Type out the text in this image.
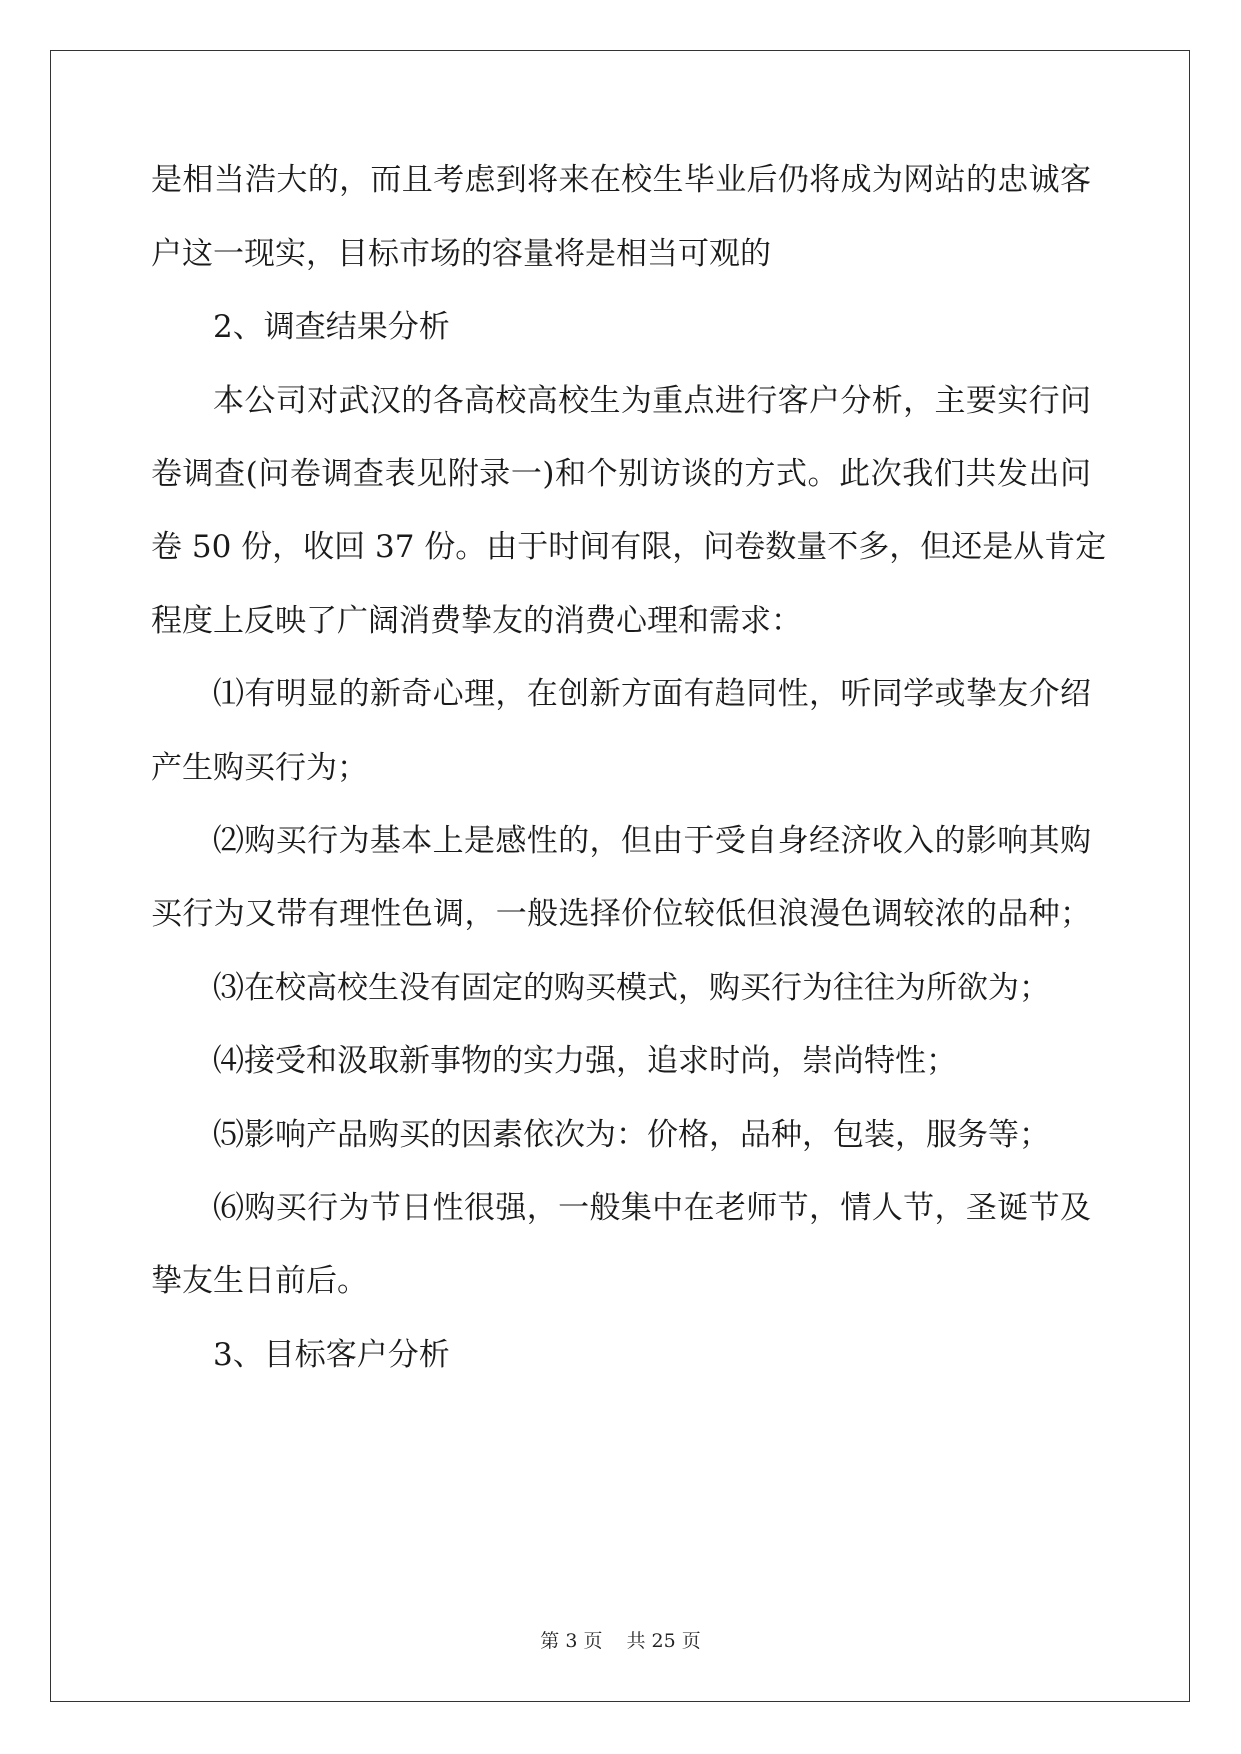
是相当浩大的，而且考虑到将来在校生毕业后仍将成为网站的忠诚客
户这一现实，目标市场的容量将是相当可观的
2、调查结果分析
本公司对武汉的各高校高校生为重点进行客户分析，主要实行问
卷调查(问卷调查表见附录一)和个别访谈的方式。此次我们共发出问
卷 50 份，收回 37 份。由于时间有限，问卷数量不多，但还是从肯定
程度上反映了广阔消费挚友的消费心理和需求：
⑴有明显的新奇心理，在创新方面有趋同性，听同学或挚友介绍
产生购买行为；
⑵购买行为基本上是感性的，但由于受自身经济收入的影响其购
买行为又带有理性色调，一般选择价位较低但浪漫色调较浓的品种；
⑶在校高校生没有固定的购买模式，购买行为往往为所欲为；
⑷接受和汲取新事物的实力强，追求时尚，崇尚特性；
⑸影响产品购买的因素依次为：价格，品种，包装，服务等；
⑹购买行为节日性很强，一般集中在老师节，情人节，圣诞节及
挚友生日前后。
3、目标客户分析
第 3 页 共 25 页
